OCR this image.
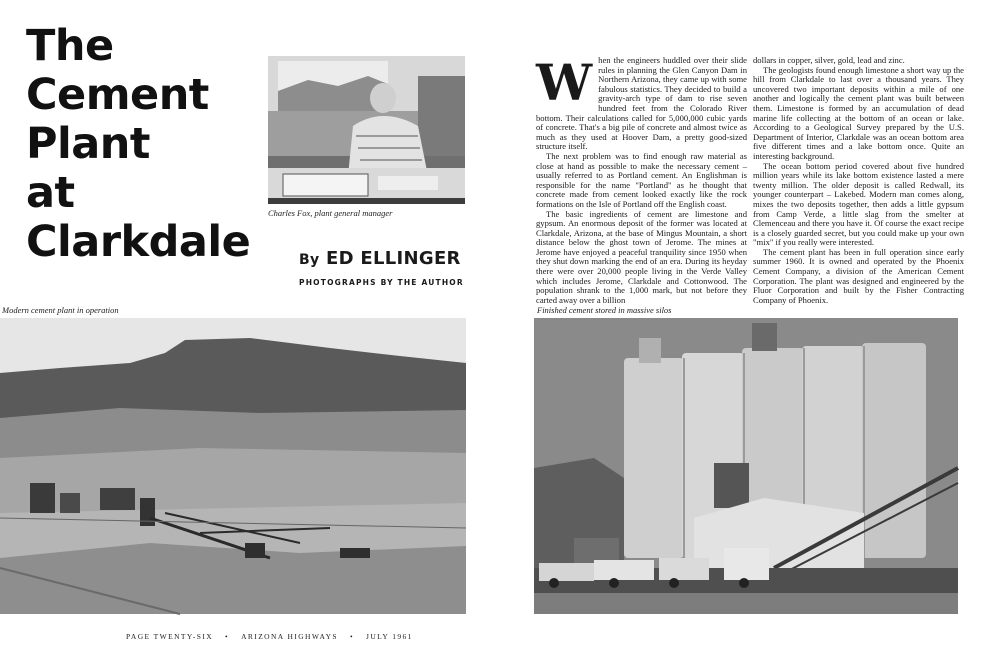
The
Cement
Plant
at
Clarkdale
Charles Fox, plant general manager
By ED ELLINGER
PHOTOGRAPHS BY THE AUTHOR
W hen the engineers huddled over their slide rules in planning the Glen Canyon Dam in Northern Arizona, they came up with some fabulous statistics. They decided to build a gravity-arch type of dam to rise seven hundred feet from the Colorado River bottom. Their calculations called for 5,000,000 cubic yards of concrete. That's a big pile of concrete and almost twice as much as they used at Hoover Dam, a pretty good-sized structure itself.

The next problem was to find enough raw material as close at hand as possible to make the necessary cement – usually referred to as Portland cement. An Englishman is responsible for the name "Portland" as he thought that concrete made from cement looked exactly like the rock formations on the Isle of Portland off the English coast.

The basic ingredients of cement are limestone and gypsum. An enormous deposit of the former was located at Clarkdale, Arizona, at the base of Mingus Mountain, a short distance below the ghost town of Jerome. The mines at Jerome have enjoyed a peaceful tranquility since 1950 when they shut down marking the end of an era. During its heyday there were over 20,000 people living in the Verde Valley which includes Jerome, Clarkdale and Cottonwood. The population shrank to the 1,000 mark, but not before they carted away over a billion

dollars in copper, silver, gold, lead and zinc.

The geologists found enough limestone a short way up the hill from Clarkdale to last over a thousand years. They uncovered two important deposits within a mile of one another and logically the cement plant was built between them. Limestone is formed by an accumulation of dead marine life collecting at the bottom of an ocean or lake. According to a Geological Survey prepared by the U.S. Department of Interior, Clarkdale was an ocean bottom area five different times and a lake bottom once. Quite an interesting background.

The ocean bottom period covered about five hundred million years while its lake bottom existence lasted a mere twenty million. The older deposit is called Redwall, its younger counterpart – Lakebed. Modern man comes along, mixes the two deposits together, then adds a little gypsum from Camp Verde, a little slag from the smelter at Clemenceau and there you have it. Of course the exact recipe is a closely guarded secret, but you could make up your own "mix" if you really were interested.

The cement plant has been in full operation since early summer 1960. It is owned and operated by the Phoenix Cement Company, a division of the American Cement Corporation. The plant was designed and engineered by the Fluor Corporation and built by the Fisher Contracting Company of Phoenix.

Modern cement plant in operation	Finished cement stored in massive silos
PAGE TWENTY-SIX • ARIZONA HIGHWAYS • JULY 1961
